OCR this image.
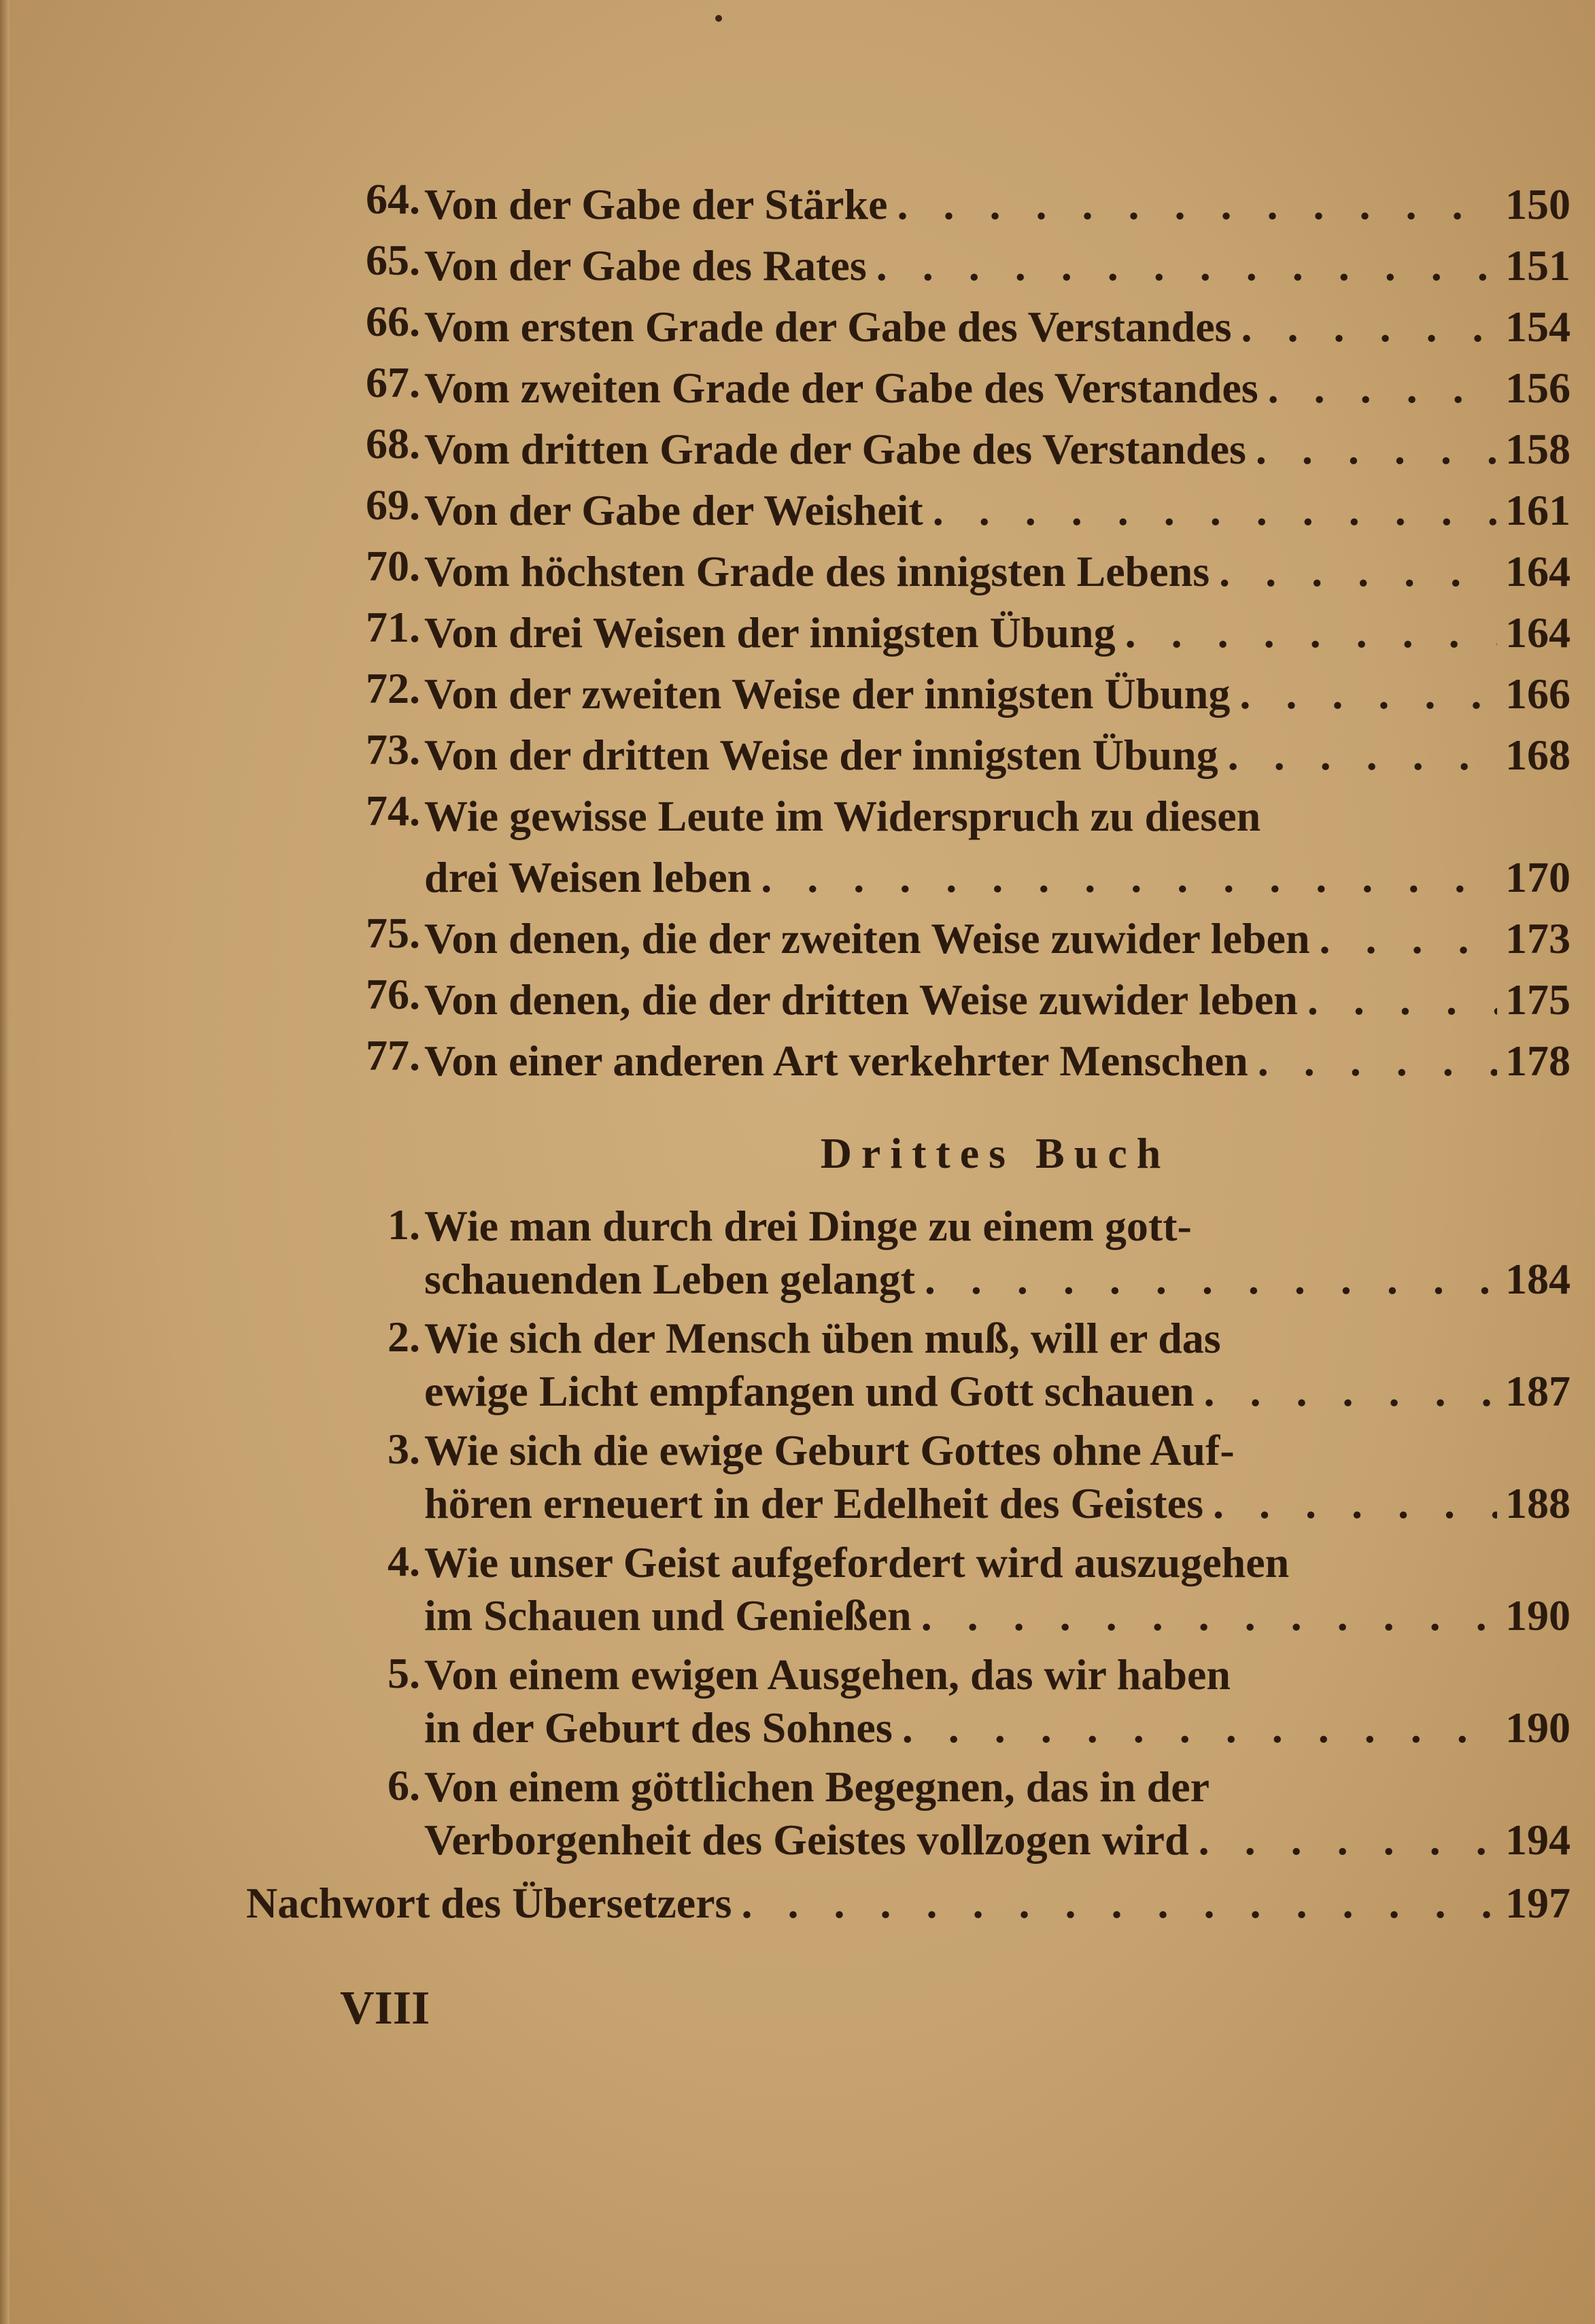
64. Von der Gabe der Stärke . . .	150
65. Von der Gabe des Rates . . .	151
66. Vom ersten Grade der Gabe des Verstandes . . .	154
67. Vom zweiten Grade der Gabe des Verstandes . . .	156
68. Vom dritten Grade der Gabe des Verstandes . . .	158
69. Von der Gabe der Weisheit . . .	161
70. Vom höchsten Grade des innigsten Lebens . . .	164
71. Von drei Weisen der innigsten Übung . . .	164
72. Von der zweiten Weise der innigsten Übung . . .	166
73. Von der dritten Weise der innigsten Übung . . .	168
74. Wie gewisse Leute im Widerspruch zu diesen
drei Weisen leben . . .	170
75. Von denen, die der zweiten Weise zuwider leben . . .	173
76. Von denen, die der dritten Weise zuwider leben . . .	175
77. Von einer anderen Art verkehrter Menschen . . .	178
Drittes Buch
1. Wie man durch drei Dinge zu einem gott-
schauenden Leben gelangt . . .	184
2. Wie sich der Mensch üben muß, will er das
ewige Licht empfangen und Gott schauen . . .	187
3. Wie sich die ewige Geburt Gottes ohne Auf-
hören erneuert in der Edelheit des Geistes . . .	188
4. Wie unser Geist aufgefordert wird auszugehen
im Schauen und Genießen . . .	190
5. Von einem ewigen Ausgehen, das wir haben
in der Geburt des Sohnes . . .	190
6. Von einem göttlichen Begegnen, das in der
Verborgenheit des Geistes vollzogen wird . . .	194
Nachwort des Übersetzers . . .	197
VIII
